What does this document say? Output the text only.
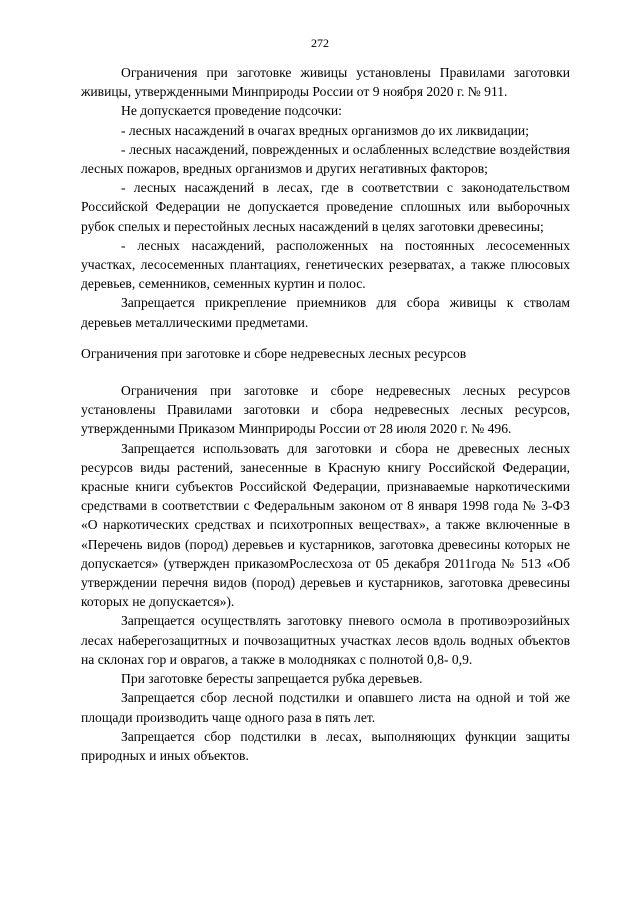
272

Ограничения при заготовке живицы установлены Правилами заготовки живицы, утвержденными Минприроды России от 9 ноября 2020 г. № 911.

Не допускается проведение подсочки:

- лесных насаждений в очагах вредных организмов до их ликвидации;

- лесных насаждений, поврежденных и ослабленных вследствие воздействия лесных пожаров, вредных организмов и других негативных факторов;

- лесных насаждений в лесах, где в соответствии с законодательством Российской Федерации не допускается проведение сплошных или выборочных рубок спелых и перестойных лесных насаждений в целях заготовки древесины;

- лесных насаждений, расположенных на постоянных лесосеменных участках, лесосеменных плантациях, генетических резерватах, а также плюсовых деревьев, семенников, семенных куртин и полос.

Запрещается прикрепление приемников для сбора живицы к стволам деревьев металлическими предметами.

Ограничения при заготовке и сборе недревесных лесных ресурсов

Ограничения при заготовке и сборе недревесных лесных ресурсов установлены Правилами заготовки и сбора недревесных лесных ресурсов, утвержденными Приказом Минприроды России от 28 июля 2020 г. № 496.

Запрещается использовать для заготовки и сбора не древесных лесных ресурсов виды растений, занесенные в Красную книгу Российской Федерации, красные книги субъектов Российской Федерации, признаваемые наркотическими средствами в соответствии с Федеральным законом от 8 января 1998 года № 3-ФЗ «О наркотических средствах и психотропных веществах», а также включенные в «Перечень видов (пород) деревьев и кустарников, заготовка древесины которых не допускается» (утвержден приказомРослесхоза от 05 декабря 2011года № 513 «Об утверждении перечня видов (пород) деревьев и кустарников, заготовка древесины которых не допускается»).

Запрещается осуществлять заготовку пневого осмола в противоэрозийных лесах наберегозащитных и почвозащитных участках лесов вдоль водных объектов на склонах гор и оврагов, а также в молодняках с полнотой 0,8- 0,9.

При заготовке бересты запрещается рубка деревьев.

Запрещается сбор лесной подстилки и опавшего листа на одной и той же площади производить чаще одного раза в пять лет.

Запрещается сбор подстилки в лесах, выполняющих функции защиты природных и иных объектов.
